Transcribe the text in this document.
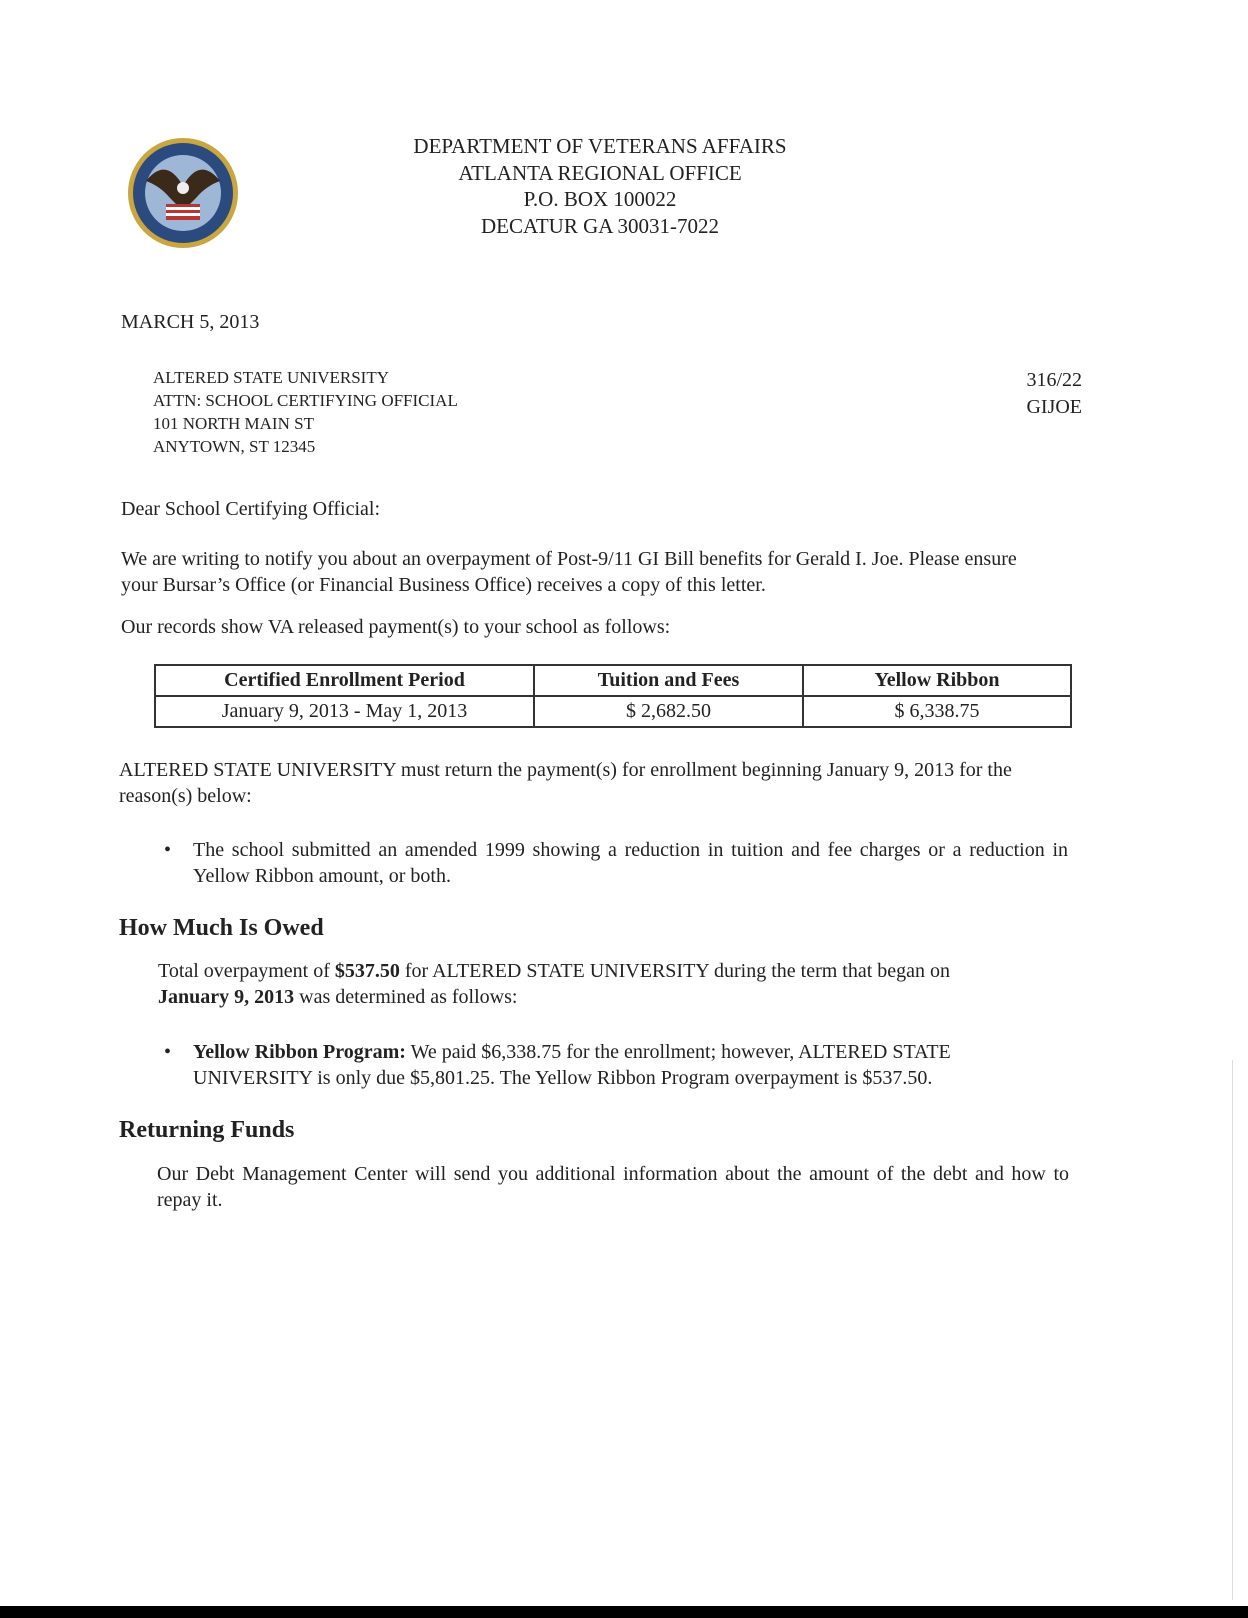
DEPARTMENT OF VETERANS AFFAIRS
ATLANTA REGIONAL OFFICE
P.O. BOX 100022
DECATUR GA 30031-7022
MARCH 5, 2013
ALTERED STATE UNIVERSITY
ATTN: SCHOOL CERTIFYING OFFICIAL
101 NORTH MAIN ST
ANYTOWN, ST 12345
316/22
GIJOE
Dear School Certifying Official:
We are writing to notify you about an overpayment of Post-9/11 GI Bill benefits for Gerald I. Joe. Please ensure your Bursar’s Office (or Financial Business Office) receives a copy of this letter.
Our records show VA released payment(s) to your school as follows:
Certified Enrollment Period	Tuition and Fees	Yellow Ribbon
January 9, 2013 - May 1, 2013	$ 2,682.50	$ 6,338.75
ALTERED STATE UNIVERSITY must return the payment(s) for enrollment beginning January 9, 2013 for the reason(s) below:
• The school submitted an amended 1999 showing a reduction in tuition and fee charges or a reduction in Yellow Ribbon amount, or both.
How Much Is Owed
Total overpayment of $537.50 for ALTERED STATE UNIVERSITY during the term that began on January 9, 2013 was determined as follows:
• Yellow Ribbon Program: We paid $6,338.75 for the enrollment; however, ALTERED STATE UNIVERSITY is only due $5,801.25. The Yellow Ribbon Program overpayment is $537.50.
Returning Funds
Our Debt Management Center will send you additional information about the amount of the debt and how to repay it.
